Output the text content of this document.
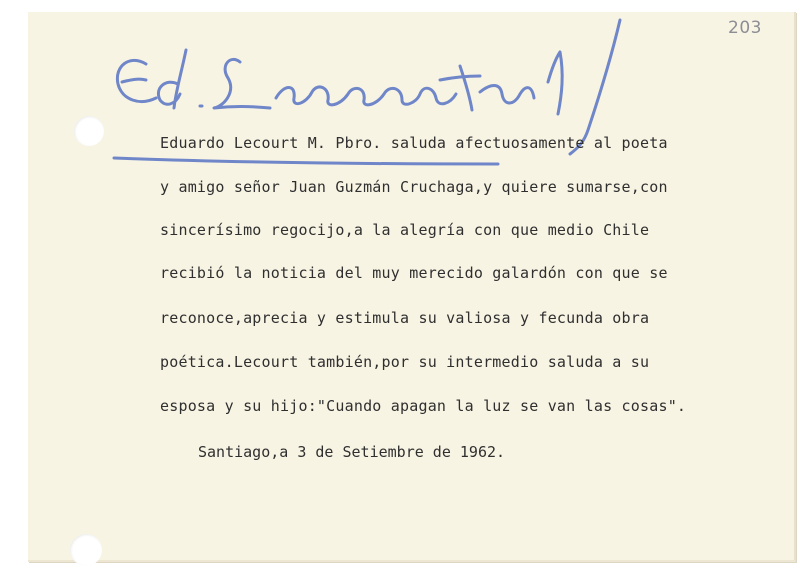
203

Eduardo Lecourt M. Pbro. saluda afectuosamente al poeta

y amigo señor Juan Guzmán Cruchaga,y quiere sumarse,con

sincerísimo regocijo,a la alegría con que medio Chile

recibió la noticia del muy merecido galardón con que se

reconoce,aprecia y estimula su valiosa y fecunda obra

poética.Lecourt también,por su intermedio saluda a su

esposa y su hijo:"Cuando apagan la luz se van las cosas".

Santiago,a 3 de Setiembre de 1962.
